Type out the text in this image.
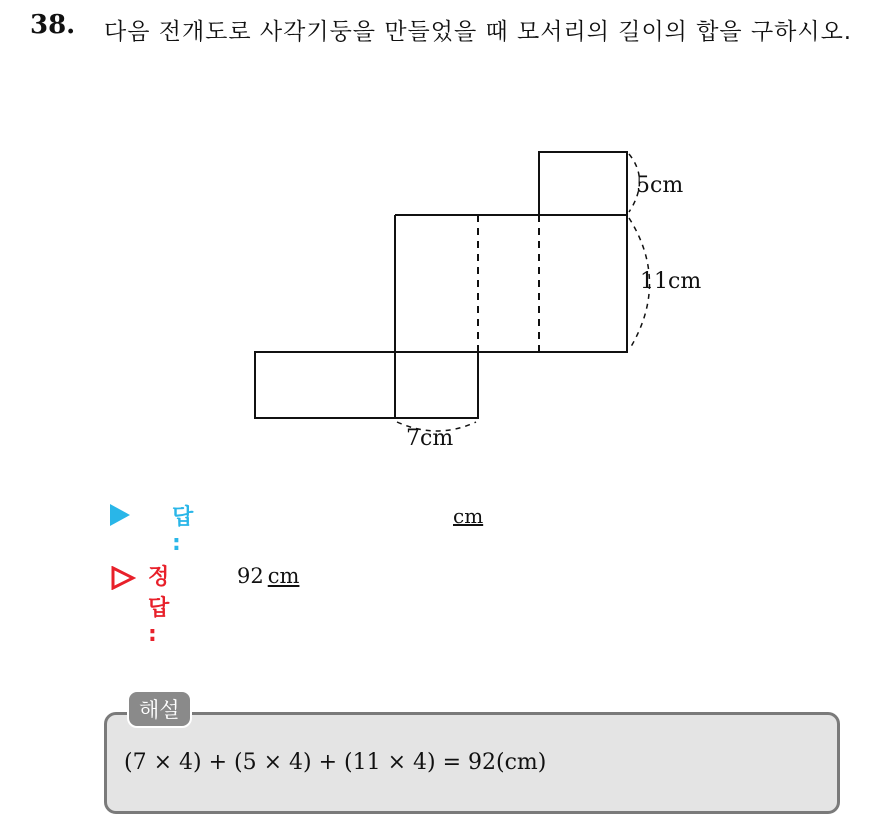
38. 다음 전개도로 사각기둥을 만들었을 때 모서리의 길이의 합을 구하시오.
5cm
11cm
7cm
답 :
cm
정답 :
92 cm
해설
(7 × 4) + (5 × 4) + (11 × 4) = 92(cm)
